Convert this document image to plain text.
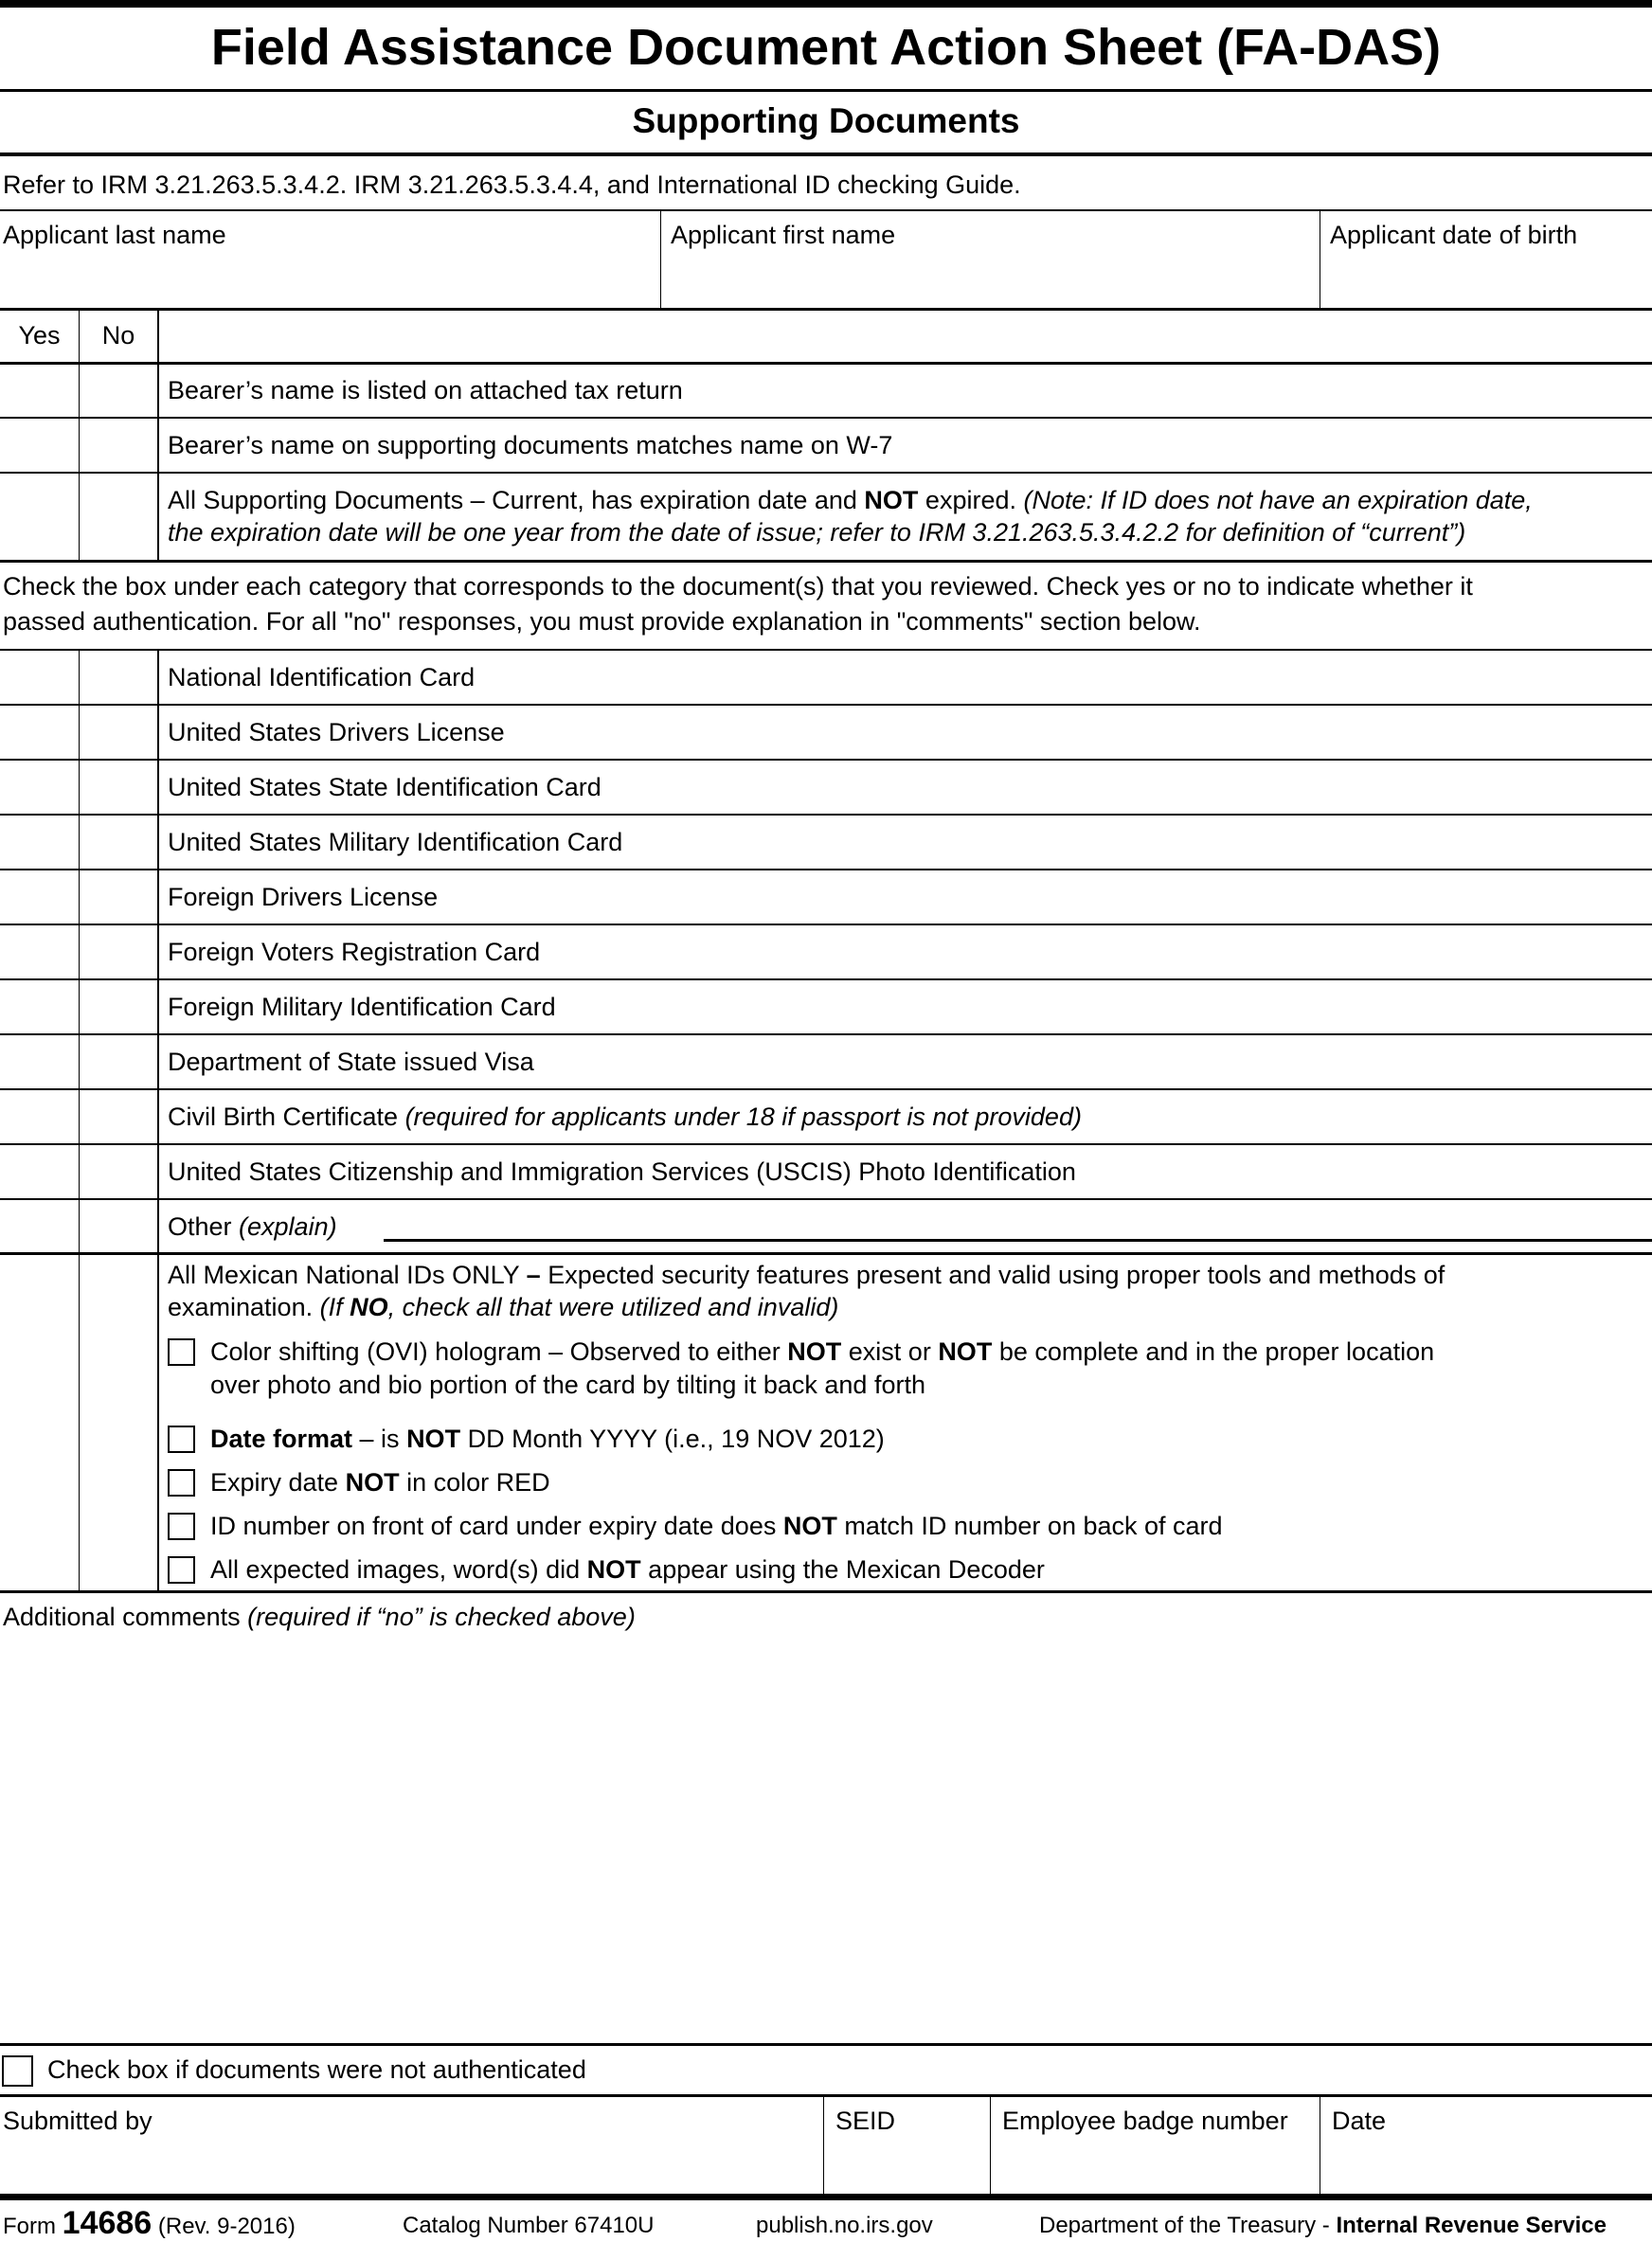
Field Assistance Document Action Sheet (FA-DAS)
Supporting Documents
Refer to IRM 3.21.263.5.3.4.2. IRM 3.21.263.5.3.4.4, and International ID checking Guide.
Applicant last name	Applicant first name	Applicant date of birth
Yes	No
Bearer’s name is listed on attached tax return
Bearer’s name on supporting documents matches name on W-7
All Supporting Documents – Current, has expiration date and NOT expired. (Note: If ID does not have an expiration date,
the expiration date will be one year from the date of issue; refer to IRM 3.21.263.5.3.4.2.2 for definition of “current”)
Check the box under each category that corresponds to the document(s) that you reviewed. Check yes or no to indicate whether it
passed authentication. For all "no" responses, you must provide explanation in "comments" section below.
National Identification Card
United States Drivers License
United States State Identification Card
United States Military Identification Card
Foreign Drivers License
Foreign Voters Registration Card
Foreign Military Identification Card
Department of State issued Visa
Civil Birth Certificate (required for applicants under 18 if passport is not provided)
United States Citizenship and Immigration Services (USCIS) Photo Identification
Other (explain)
All Mexican National IDs ONLY – Expected security features present and valid using proper tools and methods of
examination. (If NO, check all that were utilized and invalid)
Color shifting (OVI) hologram – Observed to either NOT exist or NOT be complete and in the proper location
over photo and bio portion of the card by tilting it back and forth
Date format – is NOT DD Month YYYY (i.e., 19 NOV 2012)
Expiry date NOT in color RED
ID number on front of card under expiry date does NOT match ID number on back of card
All expected images, word(s) did NOT appear using the Mexican Decoder
Additional comments (required if “no” is checked above)
Check box if documents were not authenticated
Submitted by	SEID	Employee badge number Date
Form 14686 (Rev. 9-2016)	Catalog Number 67410U	publish.no.irs.gov	Department of the Treasury - Internal Revenue Service
